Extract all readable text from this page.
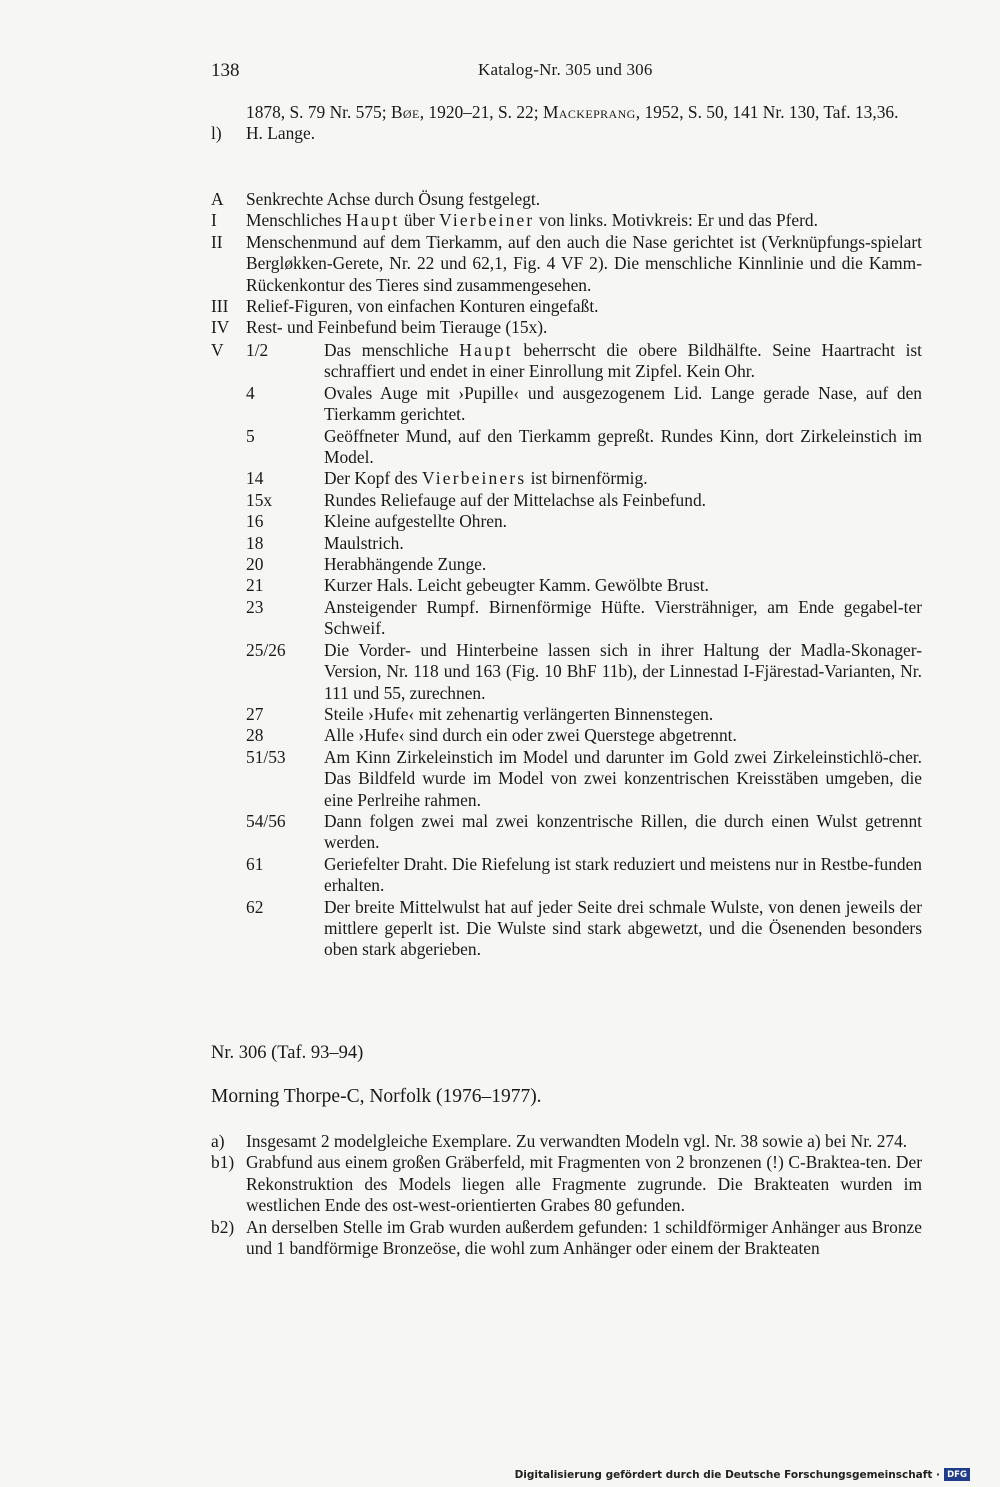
138	Katalog-Nr. 305 und 306
1878, S. 79 Nr. 575; Bøe, 1920–21, S. 22; Mackeprang, 1952, S. 50, 141 Nr. 130, Taf. 13,36.
l)	H. Lange.
A	Senkrechte Achse durch Ösung festgelegt.
I	Menschliches Haupt über Vierbeiner von links. Motivkreis: Er und das Pferd.
II	Menschenmund auf dem Tierkamm, auf den auch die Nase gerichtet ist (Verknüpfungs-spielart Bergløkken-Gerete, Nr. 22 und 62,1, Fig. 4 VF 2). Die menschliche Kinnlinie und die Kamm-Rückenkontur des Tieres sind zusammengesehen.
III	Relief-Figuren, von einfachen Konturen eingefaßt.
IV Rest- und Feinbefund beim Tierauge (15x).
V	1/2	Das menschliche Haupt beherrscht die obere Bildhälfte. Seine Haartracht ist schraffiert und endet in einer Einrollung mit Zipfel. Kein Ohr.
4	Ovales Auge mit ›Pupille‹ und ausgezogenem Lid. Lange gerade Nase, auf den Tierkamm gerichtet.
5	Geöffneter Mund, auf den Tierkamm gepreßt. Rundes Kinn, dort Zirkeleinstich im Model.
14	Der Kopf des Vierbeiners ist birnenförmig.
15x	Rundes Reliefauge auf der Mittelachse als Feinbefund.
16	Kleine aufgestellte Ohren.
18	Maulstrich.
20	Herabhängende Zunge.
21	Kurzer Hals. Leicht gebeugter Kamm. Gewölbte Brust.
23	Ansteigender Rumpf. Birnenförmige Hüfte. Viersträhniger, am Ende gegabel-ter Schweif.
25/26	Die Vorder- und Hinterbeine lassen sich in ihrer Haltung der Madla-Skonager-Version, Nr. 118 und 163 (Fig. 10 BhF 11b), der Linnestad I-Fjärestad-Varianten, Nr. 111 und 55, zurechnen.
27	Steile ›Hufe‹ mit zehenartig verlängerten Binnenstegen.
28	Alle ›Hufe‹ sind durch ein oder zwei Querstege abgetrennt.
51/53	Am Kinn Zirkeleinstich im Model und darunter im Gold zwei Zirkeleinstichlö-cher. Das Bildfeld wurde im Model von zwei konzentrischen Kreisstäben umgeben, die eine Perlreihe rahmen.
54/56	Dann folgen zwei mal zwei konzentrische Rillen, die durch einen Wulst getrennt werden.
61	Geriefelter Draht. Die Riefelung ist stark reduziert und meistens nur in Restbe-funden erhalten.
62	Der breite Mittelwulst hat auf jeder Seite drei schmale Wulste, von denen jeweils der mittlere geperlt ist. Die Wulste sind stark abgewetzt, und die Ösenenden besonders oben stark abgerieben.
Nr. 306 (Taf. 93–94)
Morning Thorpe-C, Norfolk (1976–1977).
a)	Insgesamt 2 modelgleiche Exemplare. Zu verwandten Modeln vgl. Nr. 38 sowie a) bei Nr. 274.
b1) Grabfund aus einem großen Gräberfeld, mit Fragmenten von 2 bronzenen (!) C-Brakteа-ten. Der Rekonstruktion des Models liegen alle Fragmente zugrunde. Die Brakteaten wurden im westlichen Ende des ost-west-orientierten Grabes 80 gefunden.
b2) An derselben Stelle im Grab wurden außerdem gefunden: 1 schildförmiger Anhänger aus Bronze und 1 bandförmige Bronzeöse, die wohl zum Anhänger oder einem der Brakteaten
Digitalisierung gefördert durch die Deutsche Forschungsgemeinschaft · DFG
